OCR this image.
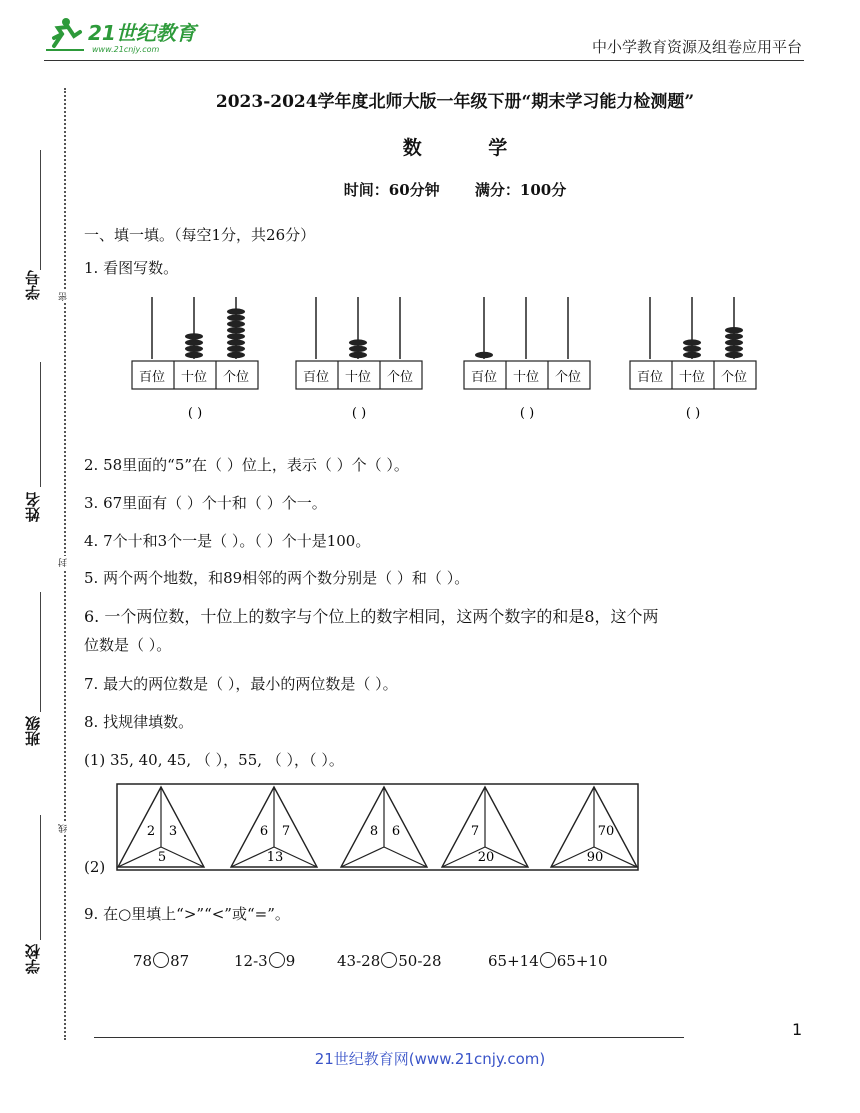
21世纪教育
www.21cnjy.com	中小学教育资源及组卷应用平台
学号
姓名
班级
学校
密
封
线
2023-2024学年度北师大版一年级下册“期末学习能力检测题”
数 学
时间：60分钟 满分：100分
一、填一填。（每空1分，共26分）
1. 看图写数。
百位 十位 个位
( )
百位 十位 个位
( )
百位 十位 个位
( )
百位 十位 个位
( )
2. 58里面的“5”在（ ）位上，表示（ ）个（ ）。
3. 67里面有（ ）个十和（ ）个一。
4. 7个十和3个一是（ ）。（ ）个十是100。
5. 两个两个地数，和89相邻的两个数分别是（ ）和（ ）。
6. 一个两位数，十位上的数字与个位上的数字相同，这两个数字的和是8，这个两
位数是（ ）。
7. 最大的两位数是（ ），最小的两位数是（ ）。
8. 找规律填数。
(1) 35, 40, 45, （ ），55, （ ），（ ）。
(2)
2 3
5
6 7
13
8 6	7
20
70
90
9. 在○里填上“>”“<”或“=”。
78 87	12-3 9	43-28 50-28	65+14 65+10
1
21世纪教育网(www.21cnjy.com)
